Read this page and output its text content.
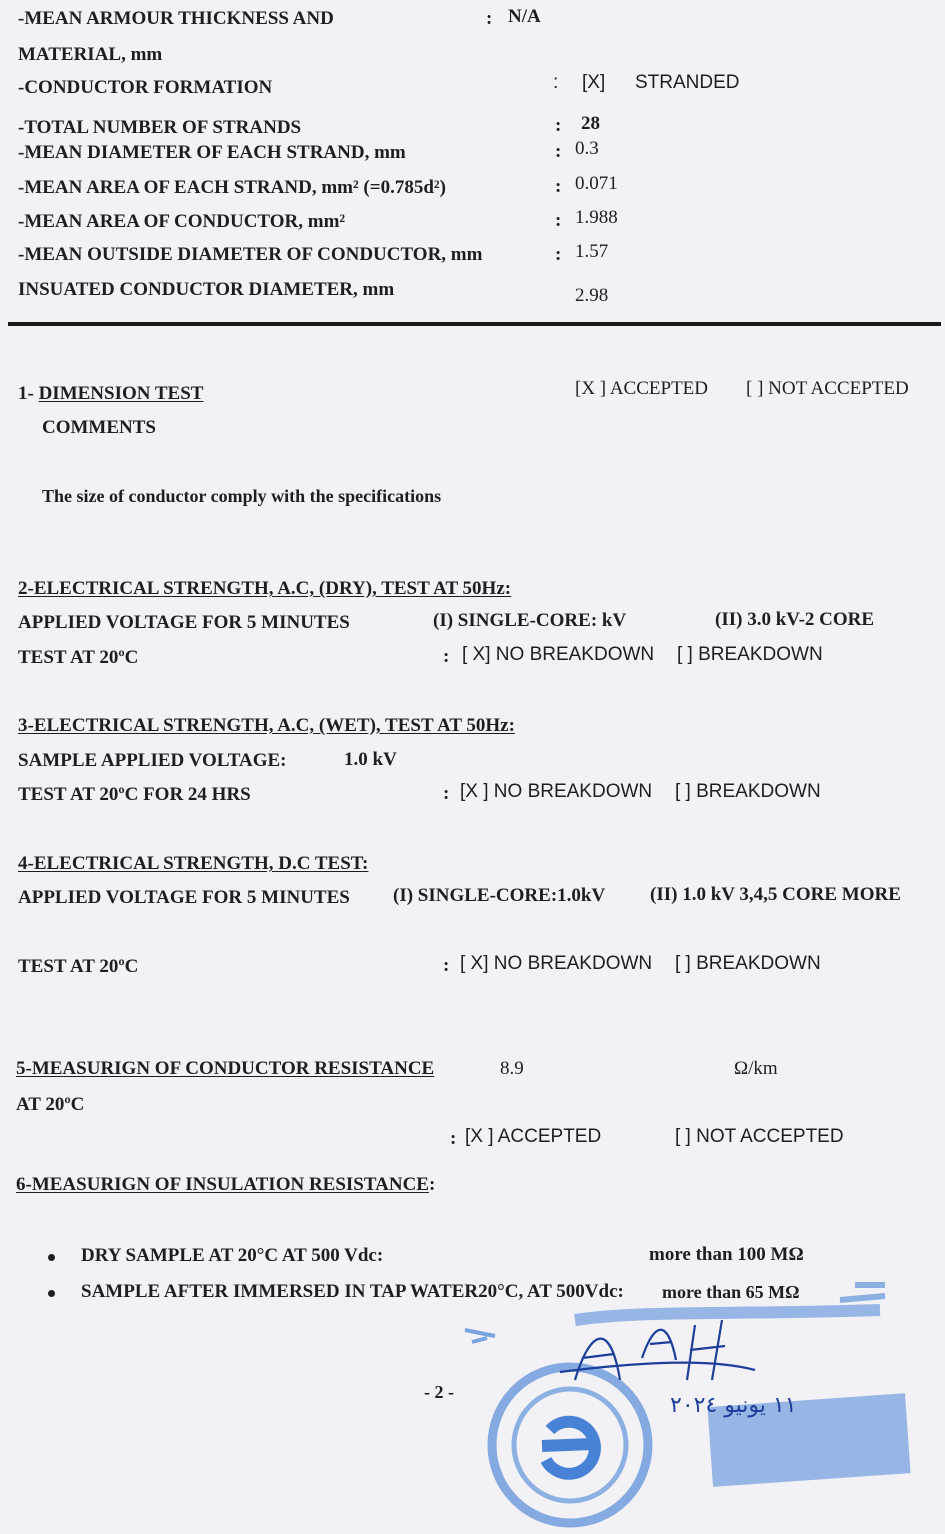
-MEAN ARMOUR THICKNESS AND	: N/A
MATERIAL, mm
-CONDUCTOR FORMATION	: [X] STRANDED
-TOTAL NUMBER OF STRANDS	: 28
-MEAN DIAMETER OF EACH STRAND, mm	: 0.3
-MEAN AREA OF EACH STRAND, mm² (=0.785d²)	: 0.071
-MEAN AREA OF CONDUCTOR, mm²	: 1.988
-MEAN OUTSIDE DIAMETER OF CONDUCTOR, mm	: 1.57
INSUATED CONDUCTOR DIAMETER, mm	2.98
1- DIMENSION TEST	[X ] ACCEPTED [ ] NOT ACCEPTED
COMMENTS
The size of conductor comply with the specifications
2-ELECTRICAL STRENGTH, A.C, (DRY), TEST AT 50Hz:
APPLIED VOLTAGE FOR 5 MINUTES	(I) SINGLE-CORE: kV	(II) 3.0 kV-2 CORE
TEST AT 20ºC	: [ X] NO BREAKDOWN [ ] BREAKDOWN
3-ELECTRICAL STRENGTH, A.C, (WET), TEST AT 50Hz:
SAMPLE APPLIED VOLTAGE:	1.0 kV
TEST AT 20ºC FOR 24 HRS	: [X ] NO BREAKDOWN [ ] BREAKDOWN
4-ELECTRICAL STRENGTH, D.C TEST:
APPLIED VOLTAGE FOR 5 MINUTES (I) SINGLE-CORE:1.0kV (II) 1.0 kV 3,4,5 CORE MORE
TEST AT 20ºC	: [ X] NO BREAKDOWN [ ] BREAKDOWN
5-MEASURIGN OF CONDUCTOR RESISTANCE	8.9	Ω/km
AT 20ºC
: [X ] ACCEPTED	[ ] NOT ACCEPTED
6-MEASURIGN OF INSULATION RESISTANCE:
DRY SAMPLE AT 20°C AT 500 Vdc:	more than 100 MΩ
SAMPLE AFTER IMMERSED IN TAP WATER20°C, AT 500Vdc: more than 65 MΩ
- 2 -
١١ يونيو ٢٠٢٤
